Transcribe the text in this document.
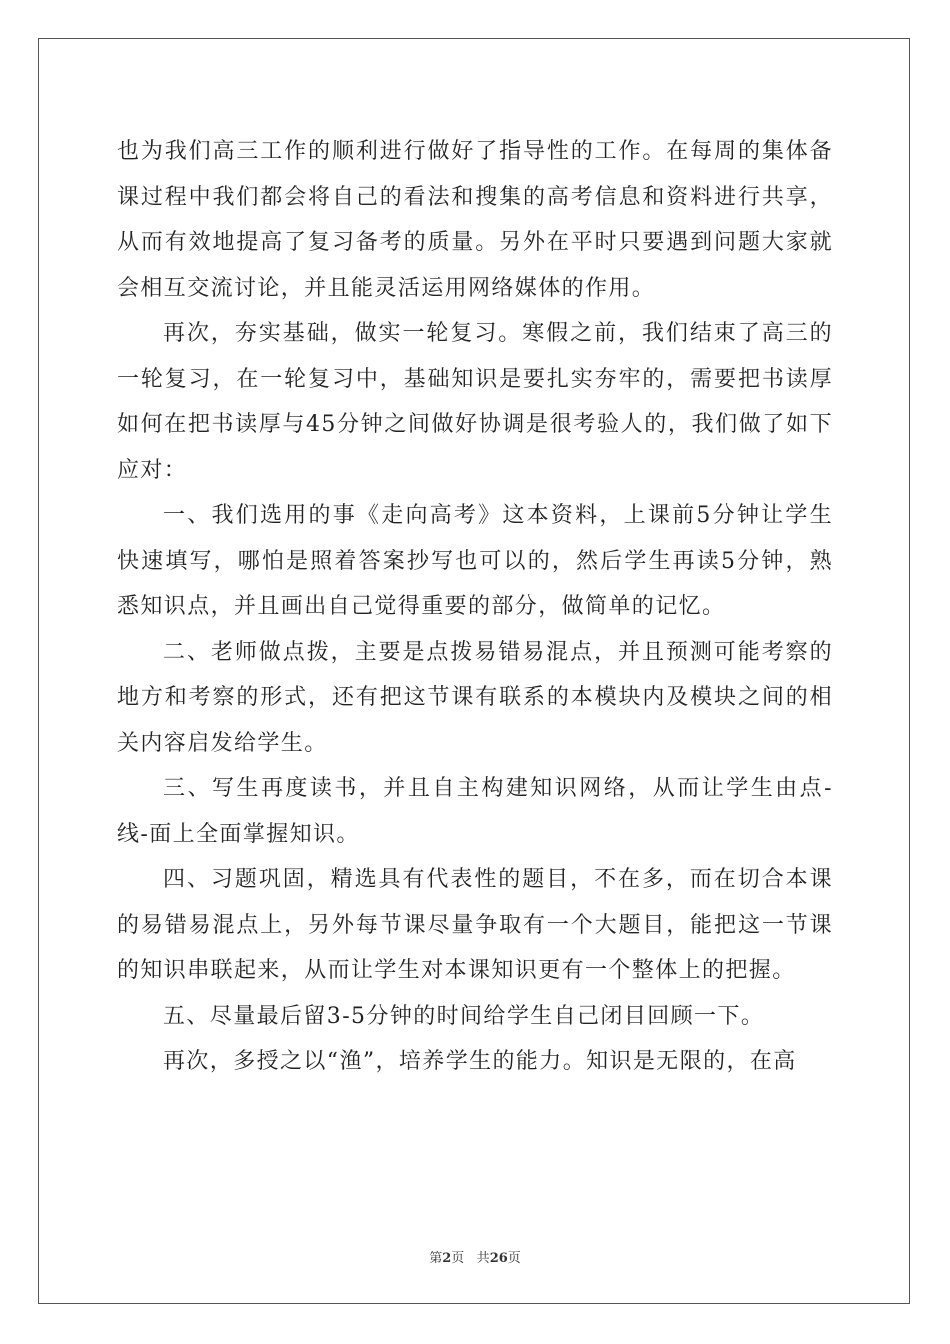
也为我们高三工作的顺利进行做好了指导性的工作。在每周的集体备课过程中我们都会将自己的看法和搜集的高考信息和资料进行共享，从而有效地提高了复习备考的质量。另外在平时只要遇到问题大家就会相互交流讨论，并且能灵活运用网络媒体的作用。

再次，夯实基础，做实一轮复习。寒假之前，我们结束了高三的一轮复习，在一轮复习中，基础知识是要扎实夯牢的，需要把书读厚如何在把书读厚与45分钟之间做好协调是很考验人的，我们做了如下应对：

一、我们选用的事《走向高考》这本资料，上课前5分钟让学生快速填写，哪怕是照着答案抄写也可以的，然后学生再读5分钟，熟悉知识点，并且画出自己觉得重要的部分，做简单的记忆。

二、老师做点拨，主要是点拨易错易混点，并且预测可能考察的地方和考察的形式，还有把这节课有联系的本模块内及模块之间的相关内容启发给学生。

三、写生再度读书，并且自主构建知识网络，从而让学生由点-线-面上全面掌握知识。

四、习题巩固，精选具有代表性的题目，不在多，而在切合本课的易错易混点上，另外每节课尽量争取有一个大题目，能把这一节课的知识串联起来，从而让学生对本课知识更有一个整体上的把握。

五、尽量最后留3-5分钟的时间给学生自己闭目回顾一下。

再次，多授之以“渔”，培养学生的能力。知识是无限的，在高

第2页 共26页
